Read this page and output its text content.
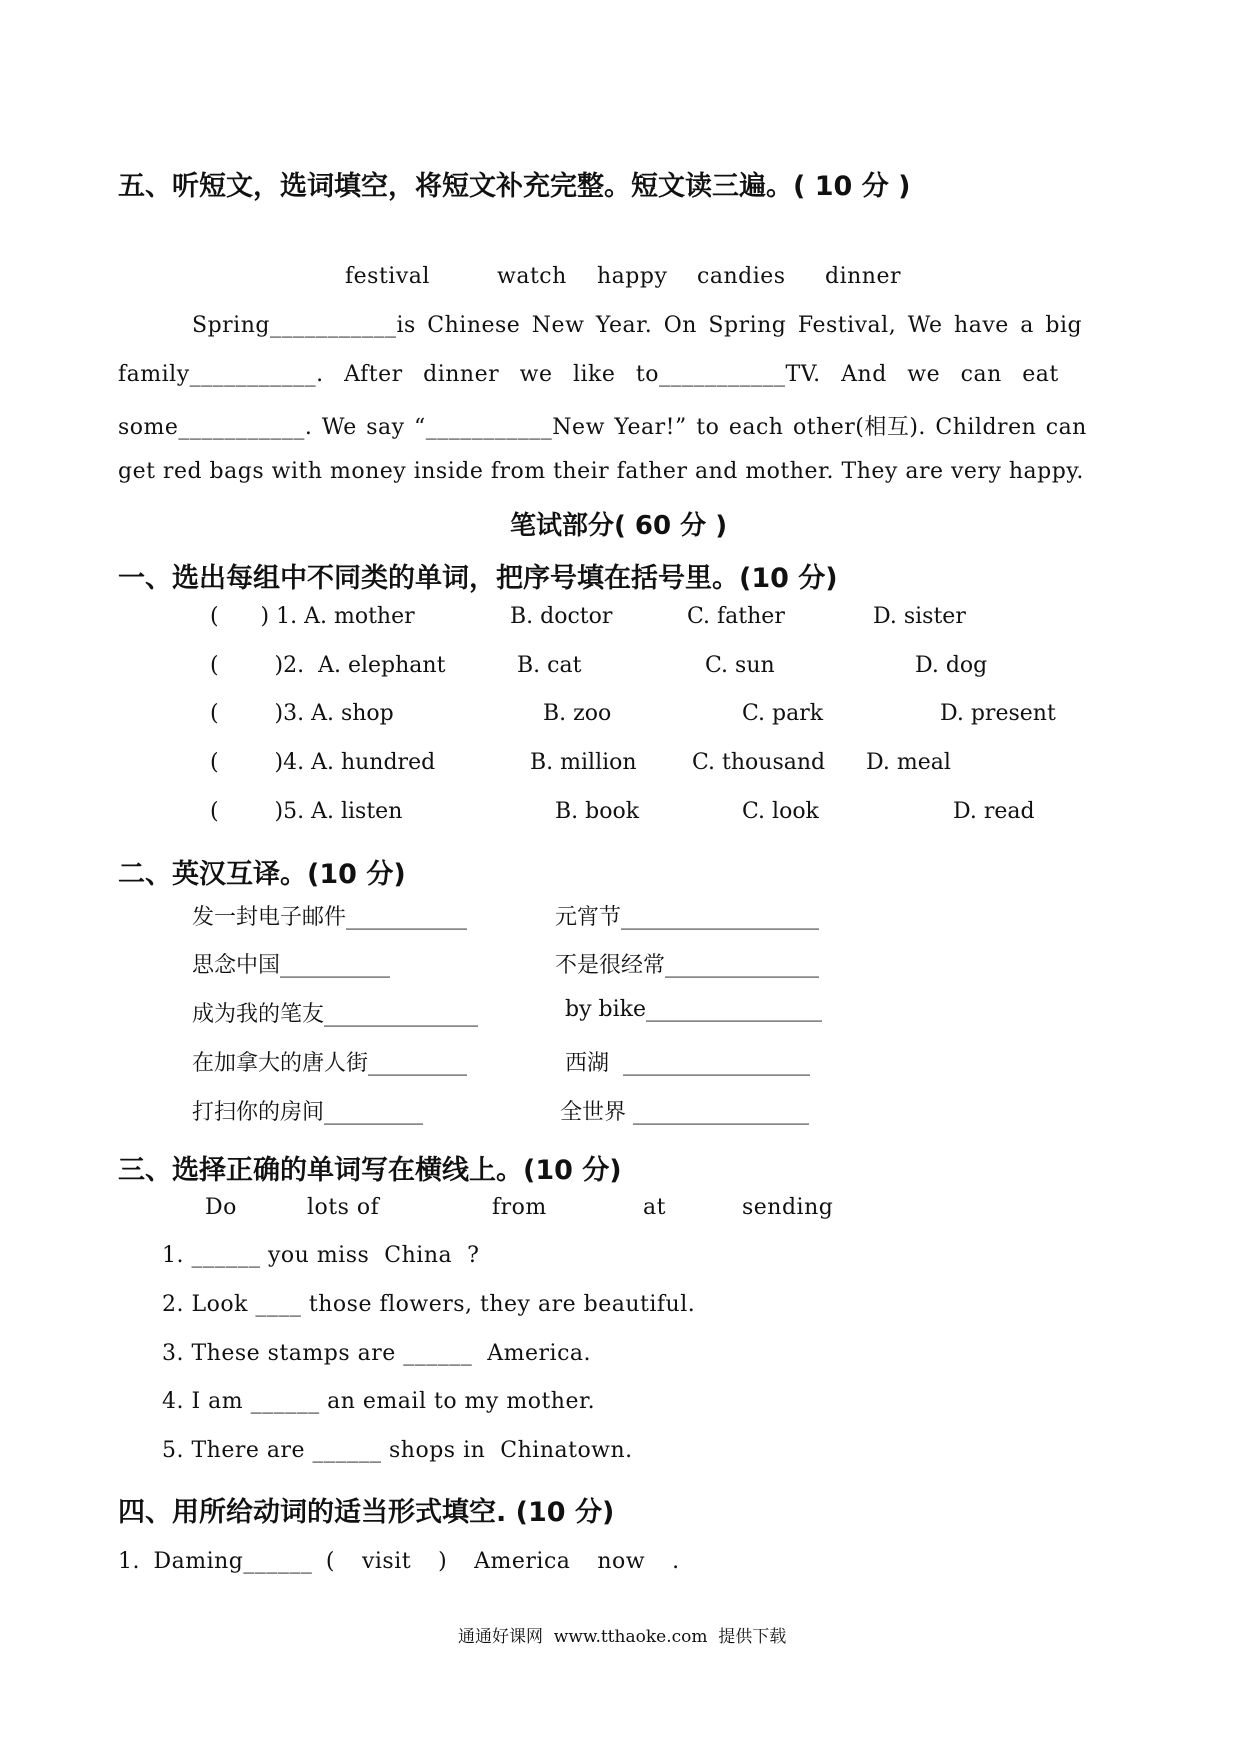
五、听短文，选词填空，将短文补充完整。短文读三遍。( 10 分 )
festival	watch happy candies dinner
Spring___________is Chinese New Year. On Spring Festival, We have a big
family___________. After dinner we like to___________TV. And we can eat
some___________. We say “___________New Year!” to each other(相互). Children can
get red bags with money inside from their father and mother. They are very happy.
笔试部分( 60 分 )
一、选出每组中不同类的单词，把序号填在括号里。(10 分)
(      ) 1. A. mother	B. doctor	C. father	D. sister
(        )2.  A. elephant	B. cat	C. sun	D. dog
(        )3. A. shop	B. zoo	C. park	D. present
(        )4. A. hundred	B. million	C. thousand D. meal
(        )5. A. listen	B. book	C. look	D. read
二、英汉互译。(10 分)
发一封电子邮件___________	元宵节__________________
思念中国__________	不是很经常______________
成为我的笔友______________	by bike________________
在加拿大的唐人街_________	西湖  _________________
打扫你的房间_________	全世界 ________________
三、选择正确的单词写在横线上。(10 分)
Do	lots of	from	at	sending
1. ______ you miss  China  ?
2. Look ____ those flowers, they are beautiful.
3. These stamps are ______  America.
4. I am ______ an email to my mother.
5. There are ______ shops in  Chinatown.
四、用所给动词的适当形式填空. (10 分)
1. Daming______ (  visit  )  America  now  .
通通好课网  www.tthaoke.com  提供下载
